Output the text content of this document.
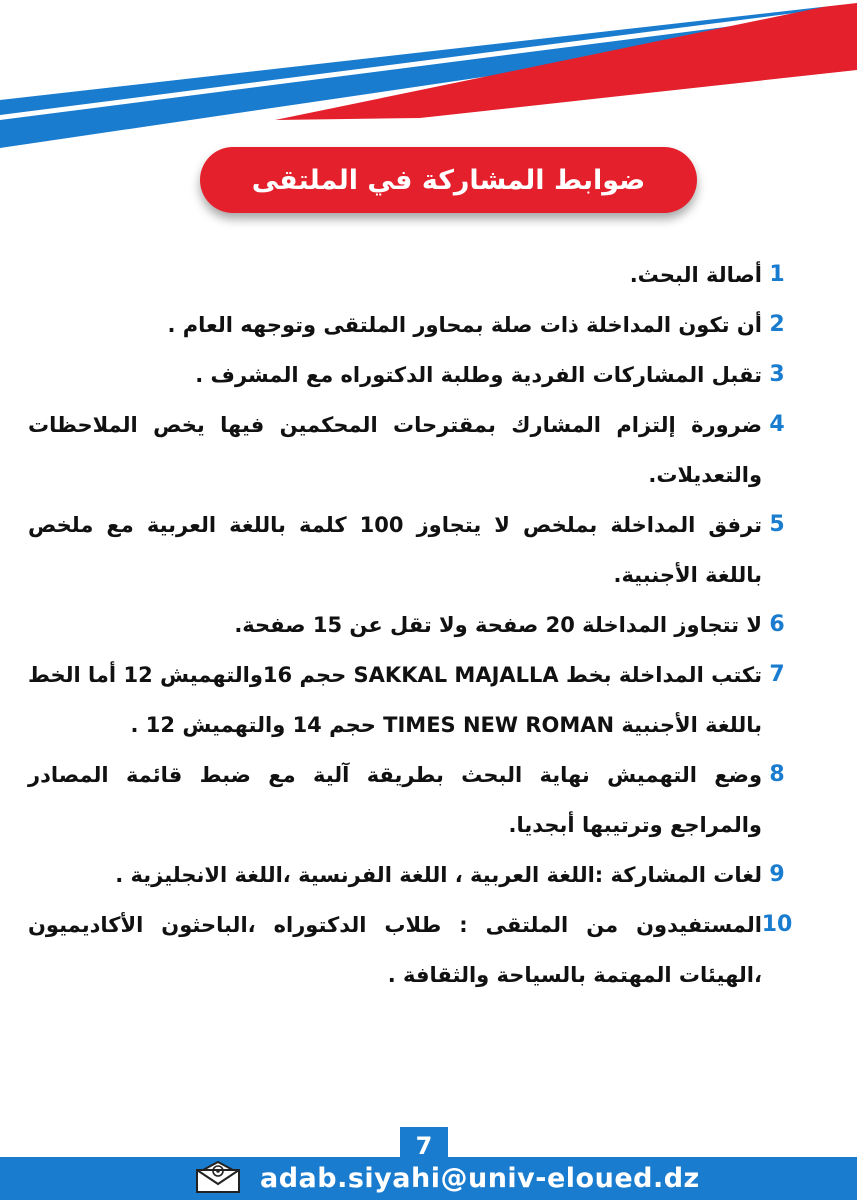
ضوابط المشاركة في الملتقى
1
أصالة البحث.
2
أن تكون المداخلة ذات صلة بمحاور الملتقى وتوجهه العام .
3
تقبل المشاركات الفردية وطلبة الدكتوراه مع المشرف .
4
ضرورة إلتزام المشارك بمقترحات المحكمين فيها يخص الملاحظات والتعديلات.
5
ترفق المداخلة بملخص لا يتجاوز 100 كلمة باللغة العربية مع ملخص باللغة الأجنبية.
6
لا تتجاوز المداخلة 20 صفحة ولا تقل عن 15 صفحة.
7
تكتب المداخلة بخط SAKKAL MAJALLA حجم 16والتهميش 12 أما الخط باللغة الأجنبية TIMES NEW ROMAN حجم 14 والتهميش 12 .
8
وضع التهميش نهاية البحث بطريقة آلية مع ضبط قائمة المصادر والمراجع وترتيبها أبجديا.
9
لغات المشاركة :اللغة العربية ، اللغة الفرنسية ،اللغة الانجليزية .
10
المستفيدون من الملتقى : طلاب الدكتوراه ،الباحثون الأكاديميون ،الهيئات المهتمة بالسياحة والثقافة .
7
adab.siyahi@univ-eloued.dz
